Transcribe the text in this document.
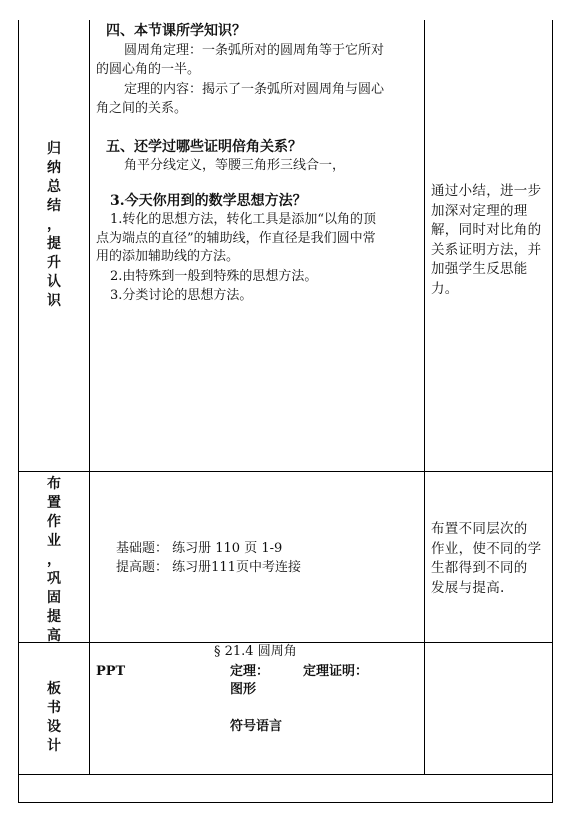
归
纳
总
结
，
提
升
认
识
四、本节课所学知识？
圆周角定理：一条弧所对的圆周角等于它所对
的圆心角的一半。
定理的内容：揭示了一条弧所对圆周角与圆心
角之间的关系。
五、还学过哪些证明倍角关系？
角平分线定义，等腰三角形三线合一，
3.今天你用到的数学思想方法？
1.转化的思想方法，转化工具是添加“以角的顶
点为端点的直径”的辅助线，作直径是我们圆中常
用的添加辅助线的方法。
2.由特殊到一般到特殊的思想方法。
3.分类讨论的思想方法。
通过小结，进一步
加深对定理的理
解，同时对比角的
关系证明方法，并
加强学生反思能
力。
布
置
作
业
，
巩
固
提
高
基础题： 练习册 110 页 1-9
提高题： 练习册111页中考连接
布置不同层次的
作业，使不同的学
生都得到不同的
发展与提高.
板
书
设
计
§ 21.4 圆周角
PPT	定理：	定理证明：
图形
符号语言
